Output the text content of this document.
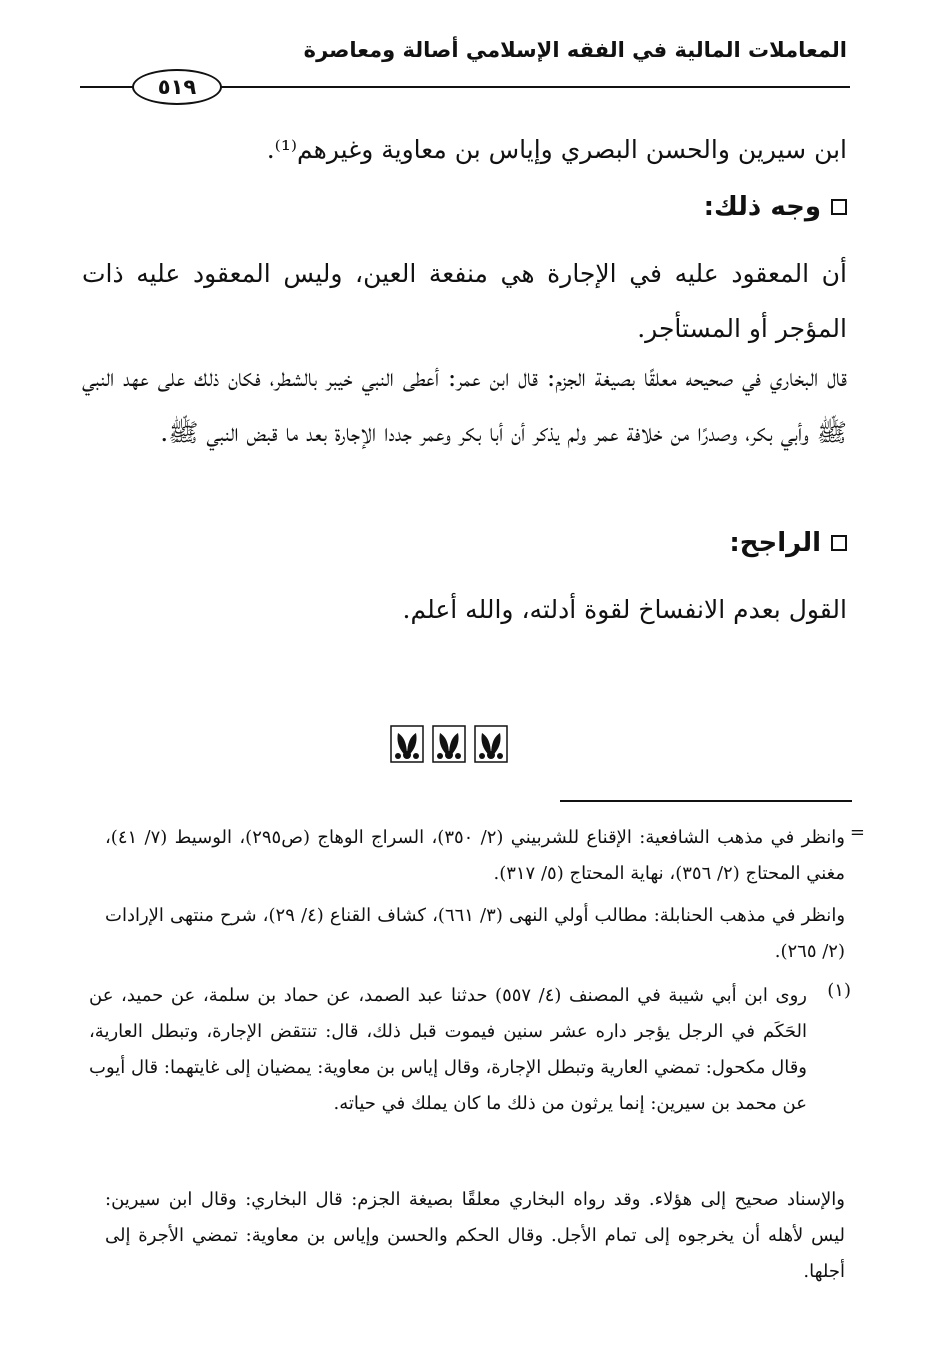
المعاملات المالية في الفقه الإسلامي أصالة ومعاصرة
٥١٩
ابن سيرين والحسن البصري وإياس بن معاوية وغيرهم⁽¹⁾.
وجه ذلك:
أن المعقود عليه في الإجارة هي منفعة العين، وليس المعقود عليه ذات المؤجر أو المستأجر.
قال البخاري في صحيحه معلقًا بصيغة الجزم: قال ابن عمر: أعطى النبي خيبر بالشطر، فكان ذلك على عهد النبي ﷺ وأبي بكر، وصدرًا من خلافة عمر ولم يذكر أن أبا بكر وعمر جددا الإجارة بعد ما قبض النبي ﷺ.
الراجح:
القول بعدم الانفساخ لقوة أدلته، والله أعلم.
=
وانظر في مذهب الشافعية: الإقناع للشربيني (٢/ ٣٥٠)، السراج الوهاج (ص٢٩٥)، الوسيط (٧/ ٤١)، مغني المحتاج (٢/ ٣٥٦)، نهاية المحتاج (٥/ ٣١٧).
وانظر في مذهب الحنابلة: مطالب أولي النهى (٣/ ٦٦١)، كشاف القناع (٤/ ٢٩)، شرح منتهى الإرادات (٢/ ٢٦٥).
(١)
روى ابن أبي شيبة في المصنف (٤/ ٥٥٧) حدثنا عبد الصمد، عن حماد بن سلمة، عن حميد، عن الحَكَم في الرجل يؤجر داره عشر سنين فيموت قبل ذلك، قال: تنتقض الإجارة، وتبطل العارية، وقال مكحول: تمضي العارية وتبطل الإجارة، وقال إياس بن معاوية: يمضيان إلى غايتهما: قال أيوب عن محمد بن سيرين: إنما يرثون من ذلك ما كان يملك في حياته.
والإسناد صحيح إلى هؤلاء. وقد رواه البخاري معلقًا بصيغة الجزم: قال البخاري: وقال ابن سيرين: ليس لأهله أن يخرجوه إلى تمام الأجل. وقال الحكم والحسن وإياس بن معاوية: تمضي الأجرة إلى أجلها.
